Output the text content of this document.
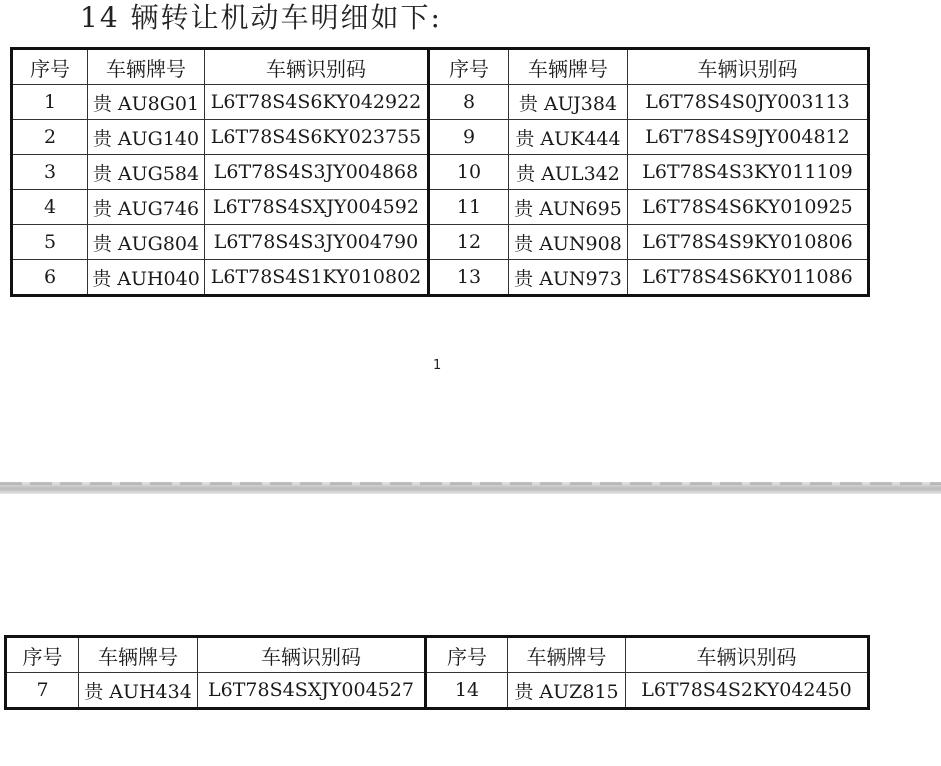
14 辆转让机动车明细如下:
序号	车辆牌号	车辆识别码	序号	车辆牌号	车辆识别码
1	贵 AU8G01	L6T78S4S6KY042922	8	贵 AUJ384	L6T78S4S0JY003113
2	贵 AUG140	L6T78S4S6KY023755	9	贵 AUK444	L6T78S4S9JY004812
3	贵 AUG584	L6T78S4S3JY004868	10	贵 AUL342	L6T78S4S3KY011109
4	贵 AUG746	L6T78S4SXJY004592	11	贵 AUN695	L6T78S4S6KY010925
5	贵 AUG804	L6T78S4S3JY004790	12	贵 AUN908	L6T78S4S9KY010806
6	贵 AUH040	L6T78S4S1KY010802	13	贵 AUN973	L6T78S4S6KY011086
1
序号	车辆牌号	车辆识别码	序号	车辆牌号	车辆识别码
7	贵 AUH434	L6T78S4SXJY004527	14	贵 AUZ815	L6T78S4S2KY042450
